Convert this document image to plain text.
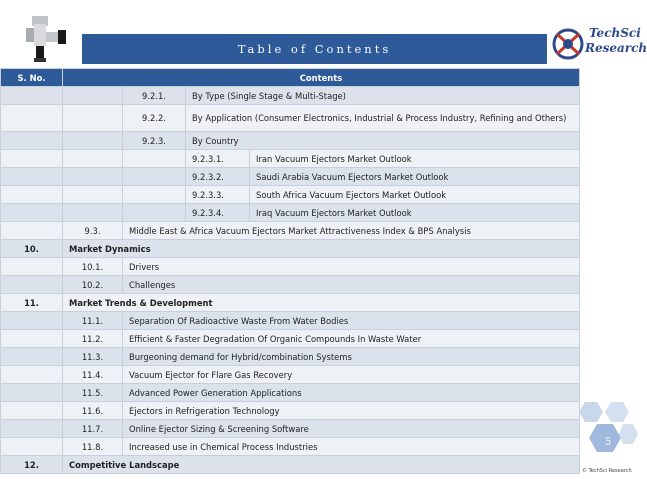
Table of Contents
TechSci
Research
S. No.	Contents			
		9.2.1.	By Type (Single Stage & Multi-Stage)	
		9.2.2.	By Application (Consumer Electronics, Industrial & Process Industry, Refining and Others)	
		9.2.3.	By Country	
			9.2.3.1.	Iran Vacuum Ejectors Market Outlook
			9.2.3.2.	Saudi Arabia Vacuum Ejectors Market Outlook
			9.2.3.3.	South Africa Vacuum Ejectors Market Outlook
			9.2.3.4.	Iraq Vacuum Ejectors Market Outlook
	9.3.	Middle East & Africa Vacuum Ejectors Market Attractiveness Index & BPS Analysis		
10.	Market Dynamics			
	10.1.	Drivers		
	10.2.	Challenges		
11.	Market Trends & Development			
	11.1.	Separation Of Radioactive Waste From Water Bodies		
	11.2.	Efficient & Faster Degradation Of Organic Compounds In Waste Water		
	11.3.	Burgeoning demand for Hybrid/combination Systems		
	11.4.	Vacuum Ejector for Flare Gas Recovery		
	11.5.	Advanced Power Generation Applications		
	11.6.	Ejectors in Refrigeration Technology		
	11.7.	Online Ejector Sizing & Screening Software		
	11.8.	Increased use in Chemical Process Industries		
12.	Competitive Landscape			
5
© TechSci Research
